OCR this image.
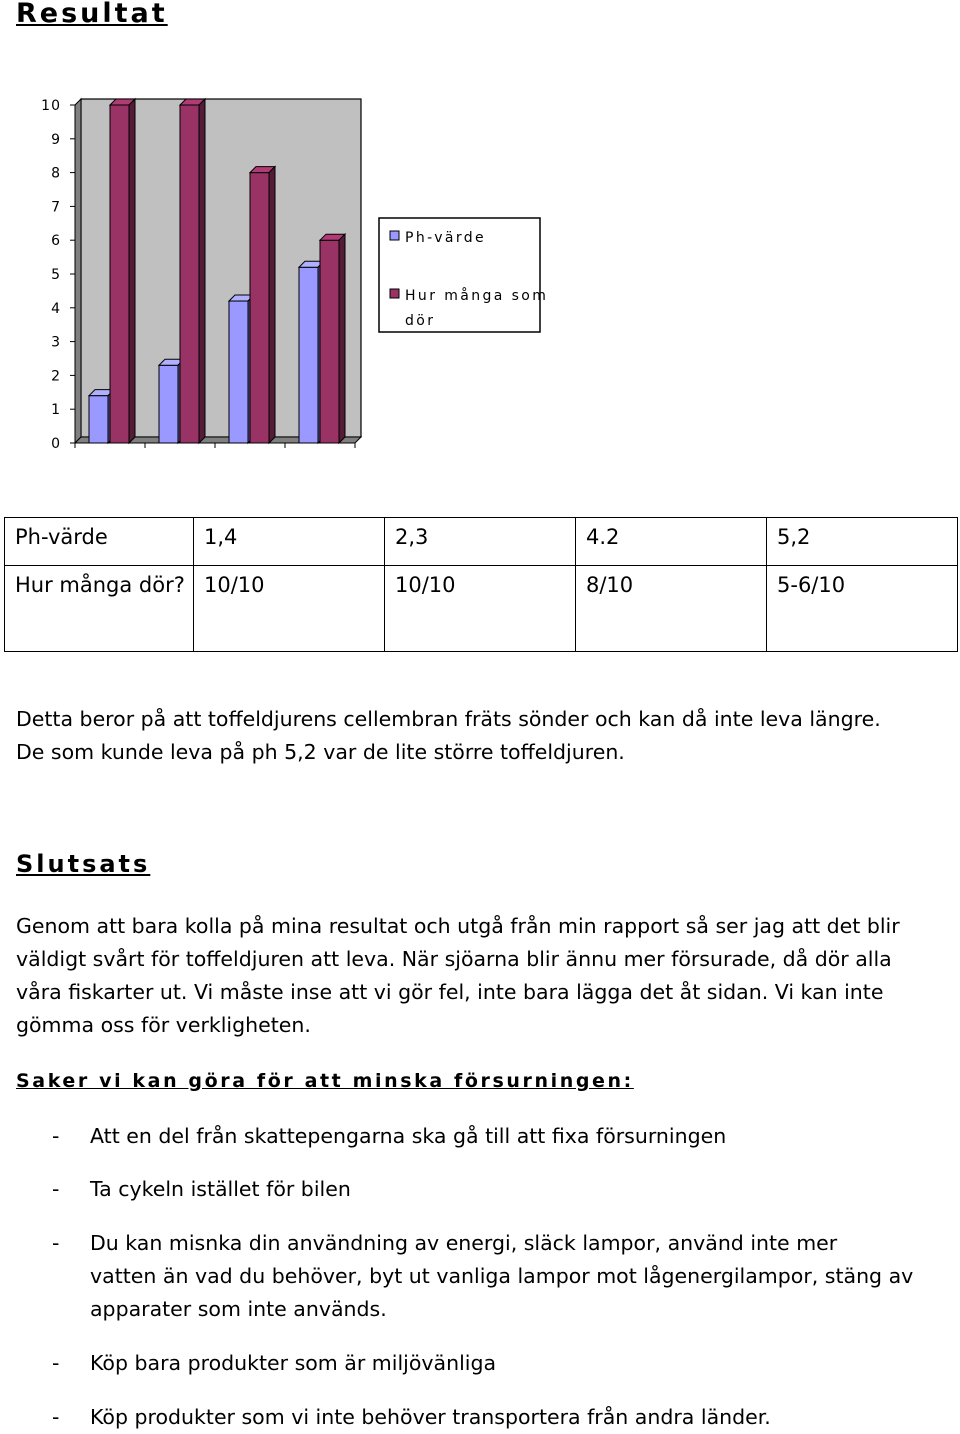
Resultat
0
1
2
3
4
5
6
7
8
9
10
Ph-värde
Hur många som
dör
Ph-värde	1,4	2,3	4.2	5,2
Hur många dör?	10/10	10/10	8/10	5-6/10
Detta beror på att toffeldjurens cellembran fräts sönder och kan då inte leva längre.
De som kunde leva på ph 5,2 var de lite större toffeldjuren.
Slutsats
Genom att bara kolla på mina resultat och utgå från min rapport så ser jag att det blir
väldigt svårt för toffeldjuren att leva. När sjöarna blir ännu mer försurade, då dör alla
våra fiskarter ut. Vi måste inse att vi gör fel, inte bara lägga det åt sidan. Vi kan inte
gömma oss för verkligheten.
Saker vi kan göra för att minska försurningen:
- Att en del från skattepengarna ska gå till att fixa försurningen
- Ta cykeln istället för bilen
- Du kan misnka din användning av energi, släck lampor, använd inte mer
vatten än vad du behöver, byt ut vanliga lampor mot lågenergilampor, stäng av
apparater som inte används.
- Köp bara produkter som är miljövänliga
- Köp produkter som vi inte behöver transportera från andra länder.
